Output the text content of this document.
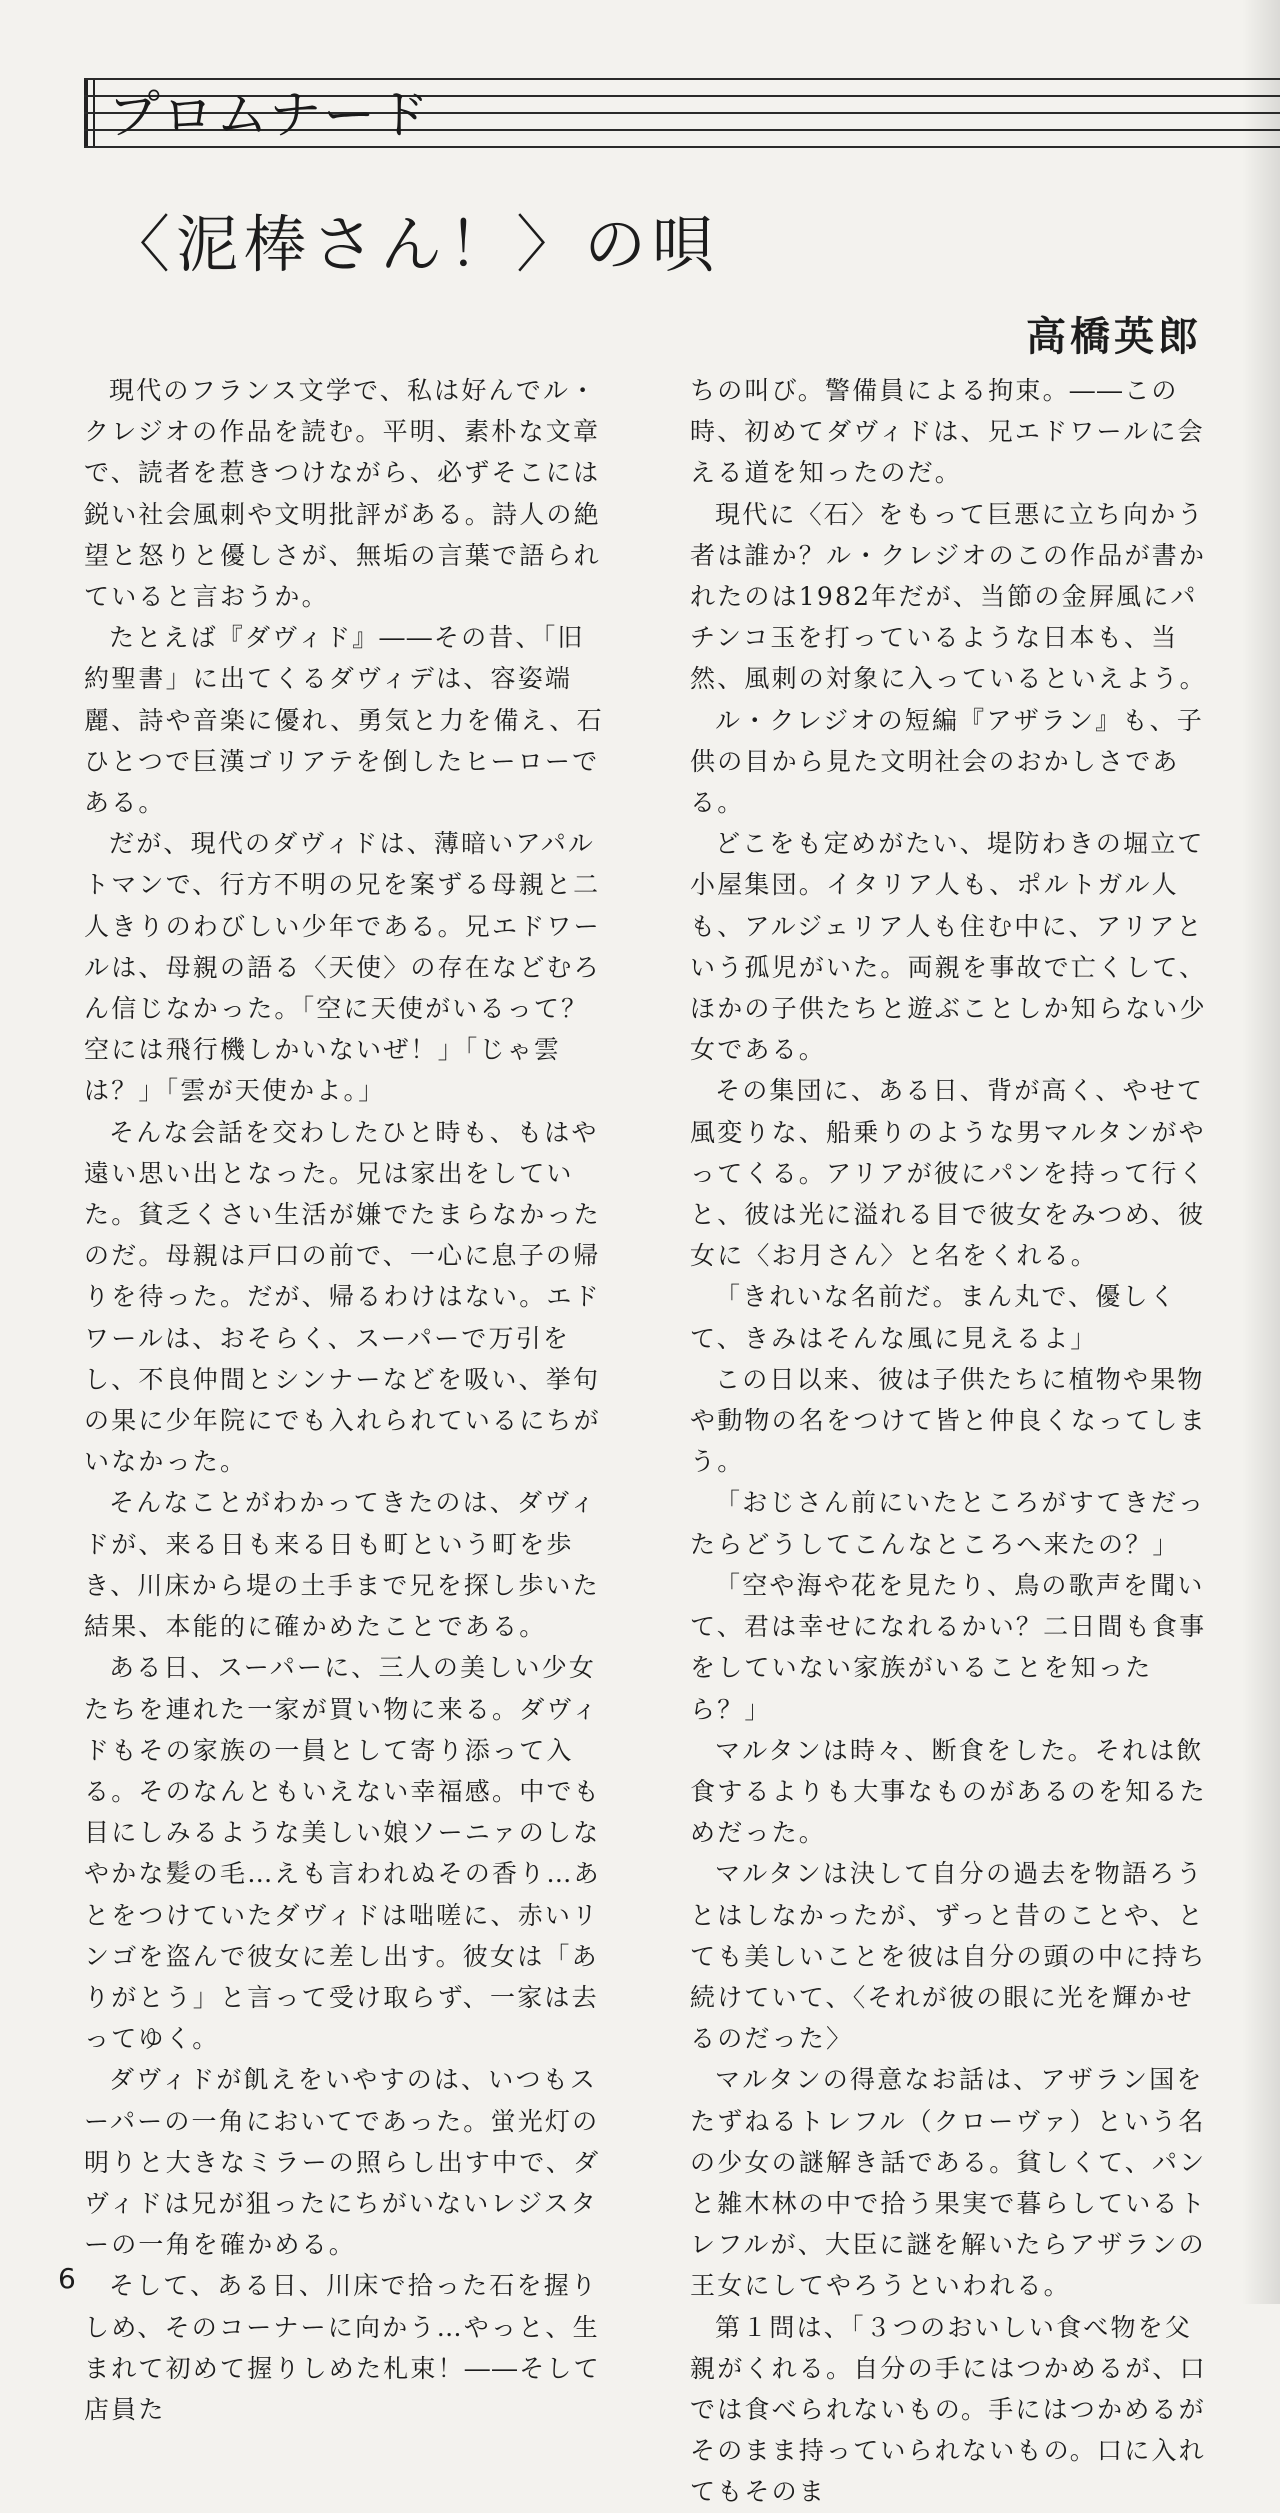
プロムナード
〈泥棒さん！〉の唄
高橋英郎

現代のフランス文学で、私は好んでル・クレジオの作品を読む。平明、素朴な文章で、読者を惹きつけながら、必ずそこには鋭い社会風刺や文明批評がある。詩人の絶望と怒りと優しさが、無垢の言葉で語られていると言おうか。

たとえば『ダヴィド』――その昔、「旧約聖書」に出てくるダヴィデは、容姿端麗、詩や音楽に優れ、勇気と力を備え、石ひとつで巨漢ゴリアテを倒したヒーローである。

だが、現代のダヴィドは、薄暗いアパルトマンで、行方不明の兄を案ずる母親と二人きりのわびしい少年である。兄エドワールは、母親の語る〈天使〉の存在などむろん信じなかった。「空に天使がいるって？空には飛行機しかいないぜ！」「じゃ雲は？」「雲が天使かよ。」

そんな会話を交わしたひと時も、もはや遠い思い出となった。兄は家出をしていた。貧乏くさい生活が嫌でたまらなかったのだ。母親は戸口の前で、一心に息子の帰りを待った。だが、帰るわけはない。エドワールは、おそらく、スーパーで万引をし、不良仲間とシンナーなどを吸い、挙句の果に少年院にでも入れられているにちがいなかった。

そんなことがわかってきたのは、ダヴィドが、来る日も来る日も町という町を歩き、川床から堤の土手まで兄を探し歩いた結果、本能的に確かめたことである。

ある日、スーパーに、三人の美しい少女たちを連れた一家が買い物に来る。ダヴィドもその家族の一員として寄り添って入る。そのなんともいえない幸福感。中でも目にしみるような美しい娘ソーニァのしなやかな髪の毛…えも言われぬその香り…あとをつけていたダヴィドは咄嗟に、赤いリンゴを盗んで彼女に差し出す。彼女は「ありがとう」と言って受け取らず、一家は去ってゆく。

ダヴィドが飢えをいやすのは、いつもスーパーの一角においてであった。蛍光灯の明りと大きなミラーの照らし出す中で、ダヴィドは兄が狙ったにちがいないレジスターの一角を確かめる。

そして、ある日、川床で拾った石を握りしめ、そのコーナーに向かう…やっと、生まれて初めて握りしめた札束！――そして店員た

ちの叫び。警備員による拘束。――この時、初めてダヴィドは、兄エドワールに会える道を知ったのだ。

現代に〈石〉をもって巨悪に立ち向かう者は誰か？ル・クレジオのこの作品が書かれたのは1982年だが、当節の金屛風にパチンコ玉を打っているような日本も、当然、風刺の対象に入っているといえよう。

ル・クレジオの短編『アザラン』も、子供の目から見た文明社会のおかしさである。

どこをも定めがたい、堤防わきの堀立て小屋集団。イタリア人も、ポルトガル人も、アルジェリア人も住む中に、アリアという孤児がいた。両親を事故で亡くして、ほかの子供たちと遊ぶことしか知らない少女である。

その集団に、ある日、背が高く、やせて風変りな、船乗りのような男マルタンがやってくる。アリアが彼にパンを持って行くと、彼は光に溢れる目で彼女をみつめ、彼女に〈お月さん〉と名をくれる。

「きれいな名前だ。まん丸で、優しくて、きみはそんな風に見えるよ」

この日以来、彼は子供たちに植物や果物や動物の名をつけて皆と仲良くなってしまう。

「おじさん前にいたところがすてきだったらどうしてこんなところへ来たの？」

「空や海や花を見たり、鳥の歌声を聞いて、君は幸せになれるかい？二日間も食事をしていない家族がいることを知ったら？」

マルタンは時々、断食をした。それは飲食するよりも大事なものがあるのを知るためだった。

マルタンは決して自分の過去を物語ろうとはしなかったが、ずっと昔のことや、とても美しいことを彼は自分の頭の中に持ち続けていて、〈それが彼の眼に光を輝かせるのだった〉

マルタンの得意なお話は、アザラン国をたずねるトレフル（クローヴァ）という名の少女の謎解き話である。貧しくて、パンと雑木林の中で拾う果実で暮らしているトレフルが、大臣に謎を解いたらアザランの王女にしてやろうといわれる。

第１問は、「３つのおいしい食べ物を父親がくれる。自分の手にはつかめるが、口では食べられないもの。手にはつかめるがそのまま持っていられないもの。口に入れてもそのま

6
